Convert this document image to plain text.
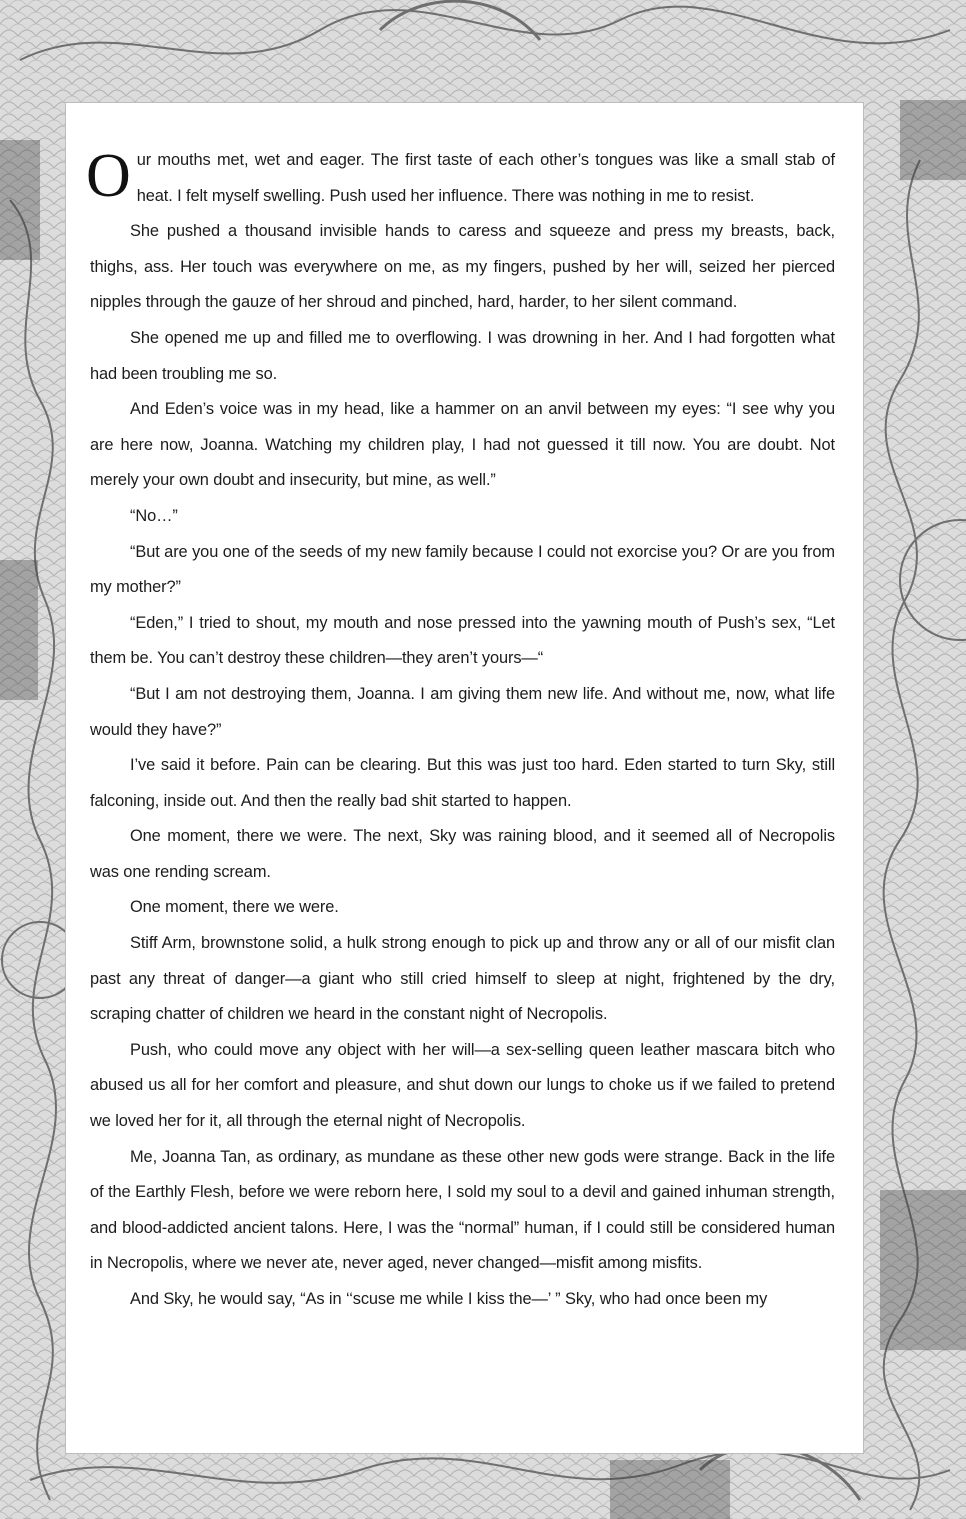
Our mouths met, wet and eager. The first taste of each other’s tongues was like a small stab of heat. I felt myself swelling. Push used her influence. There was nothing in me to resist.

She pushed a thousand invisible hands to caress and squeeze and press my breasts, back, thighs, ass. Her touch was everywhere on me, as my fingers, pushed by her will, seized her pierced nipples through the gauze of her shroud and pinched, hard, harder, to her silent command.

She opened me up and filled me to overflowing. I was drowning in her. And I had forgotten what had been troubling me so.

And Eden’s voice was in my head, like a hammer on an anvil between my eyes: “I see why you are here now, Joanna. Watching my children play, I had not guessed it till now. You are doubt. Not merely your own doubt and insecurity, but mine, as well.”

“No…”

“But are you one of the seeds of my new family because I could not exorcise you? Or are you from my mother?”

“Eden,” I tried to shout, my mouth and nose pressed into the yawning mouth of Push’s sex, “Let them be. You can’t destroy these children—they aren’t yours—“

“But I am not destroying them, Joanna. I am giving them new life. And without me, now, what life would they have?”

I’ve said it before. Pain can be clearing. But this was just too hard. Eden started to turn Sky, still falconing, inside out. And then the really bad shit started to happen.

One moment, there we were. The next, Sky was raining blood, and it seemed all of Necropolis was one rending scream.

One moment, there we were.

Stiff Arm, brownstone solid, a hulk strong enough to pick up and throw any or all of our misfit clan past any threat of danger—a giant who still cried himself to sleep at night, frightened by the dry, scraping chatter of children we heard in the constant night of Necropolis.

Push, who could move any object with her will—a sex-selling queen leather mascara bitch who abused us all for her comfort and pleasure, and shut down our lungs to choke us if we failed to pretend we loved her for it, all through the eternal night of Necropolis.

Me, Joanna Tan, as ordinary, as mundane as these other new gods were strange. Back in the life of the Earthly Flesh, before we were reborn here, I sold my soul to a devil and gained inhuman strength, and blood-addicted ancient talons. Here, I was the “normal” human, if I could still be considered human in Necropolis, where we never ate, never aged, never changed—misfit among misfits.

And Sky, he would say, “As in ‘‘scuse me while I kiss the—’ ” Sky, who had once been my
